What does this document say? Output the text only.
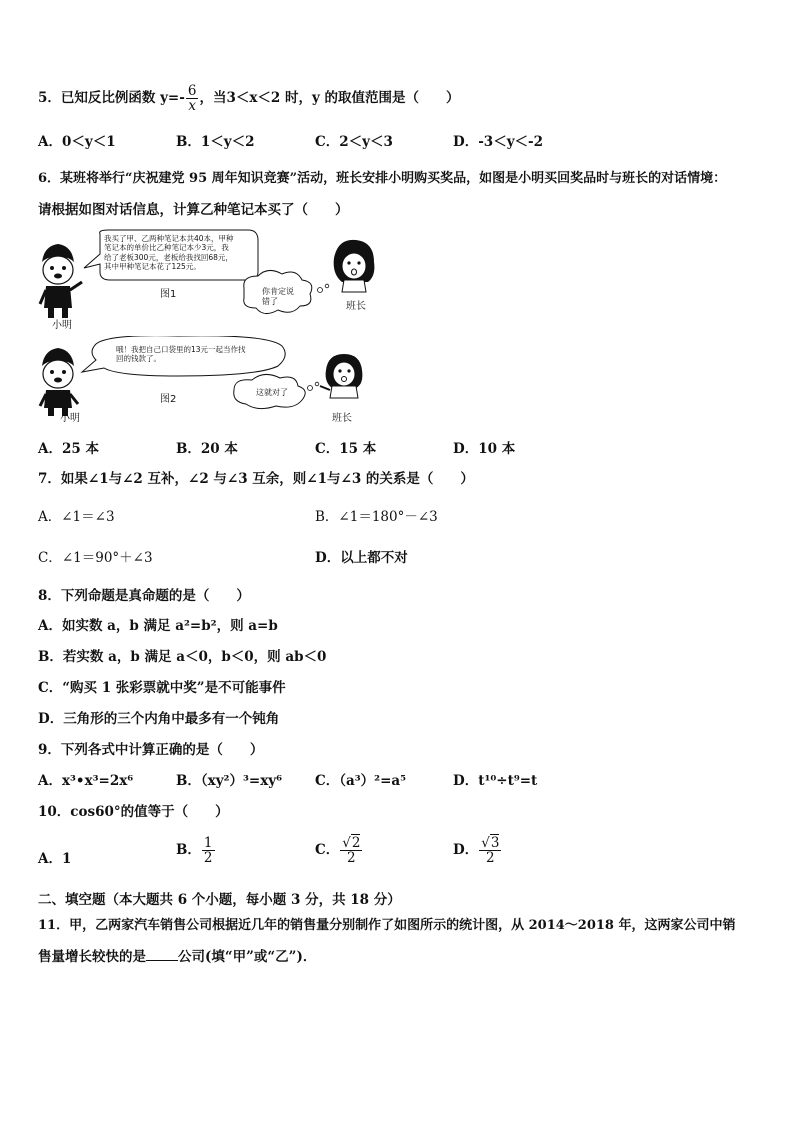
5．已知反比例函数 $y=- \frac{6}{x}$ ，当3＜x＜2 时，y 的取值范围是（　　）
A．0＜y＜1	B．1＜y＜2	C．2＜y＜3	D．-3＜y＜-2
6．某班将举行“庆祝建党 95 周年知识竞赛”活动，班长安排小明购买奖品，如图是小明买回奖品时与班长的对话情境：
请根据如图对话信息，计算乙种笔记本买了（　　）
我买了甲、乙两种笔记本共40本，甲种
笔记本的单价比乙种笔记本少3元，我
给了老板300元，老板给我找回68元，
其中甲种笔记本花了125元。
你肯定说
错了
图1
小明
班长
哦！我把自己口袋里的13元一起当作找
回的钱款了。
这就对了
图2
小明	班长
A．25 本	B．20 本	C．15 本	D．10 本
7．如果∠1与∠2 互补，∠2 与∠3 互余，则∠1与∠3 的关系是（　　）
A．∠1＝∠3	B．∠1＝180°－∠3
C．∠1＝90°＋∠3	D．以上都不对
8．下列命题是真命题的是（　　）
A．如实数 a，b 满足 a²=b²，则 a=b
B．若实数 a，b 满足 a＜0，b＜0，则 ab＜0
C．“购买 1 张彩票就中奖”是不可能事件
D．三角形的三个内角中最多有一个钝角
9．下列各式中计算正确的是（　　）
A．x³•x³=2x⁶	B．（xy²）³=xy⁶ C．（a³）²=a⁵	D．t¹⁰÷t⁹=t
10．cos60°的值等于（　　）
A．1
B． $\frac{1}{2}$	C． $\frac{√2}{2}$	D． $\frac{√3}{2}$
二、填空题（本大题共 6 个小题，每小题 3 分，共 18 分）
11．甲，乙两家汽车销售公司根据近几年的销售量分别制作了如图所示的统计图，从 2014～2018 年，这两家公司中销
售量增长较快的是 公司(填“甲”或“乙”)．
